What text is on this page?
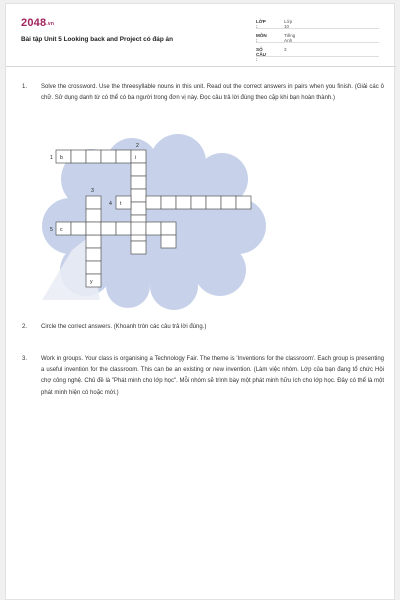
2048.vn
Bài tập Unit 5 Looking back and Project có đáp án
LỚP :
Lớp 10
MÔN :
Tiếng Anh
SỐ CÂU :
3
1. Solve the crossword. Use the threesyllable nouns in this unit. Read out the correct answers in pairs when you finish. (Giải các ô chữ. Sử dụng danh từ có thể có ba người trong đơn vị này. Đọc câu trả lời đúng theo cặp khi bạn hoàn thành.)
1
2
3
4
5
b	i
t
c
y
2. Circle the correct answers. (Khoanh tròn các câu trả lời đúng.)
3. Work in groups. Your class is organising a Technology Fair. The theme is 'Inventions for the classroom'. Each group is presenting a useful invention for the classroom. This can be an existing or new invention. (Làm việc nhóm. Lớp của bạn đang tổ chức Hội chợ công nghệ. Chủ đề là "Phát minh cho lớp học". Mỗi nhóm sẽ trình bày một phát minh hữu ích cho lớp học. Đây có thể là một phát minh hiện có hoặc mới.)
